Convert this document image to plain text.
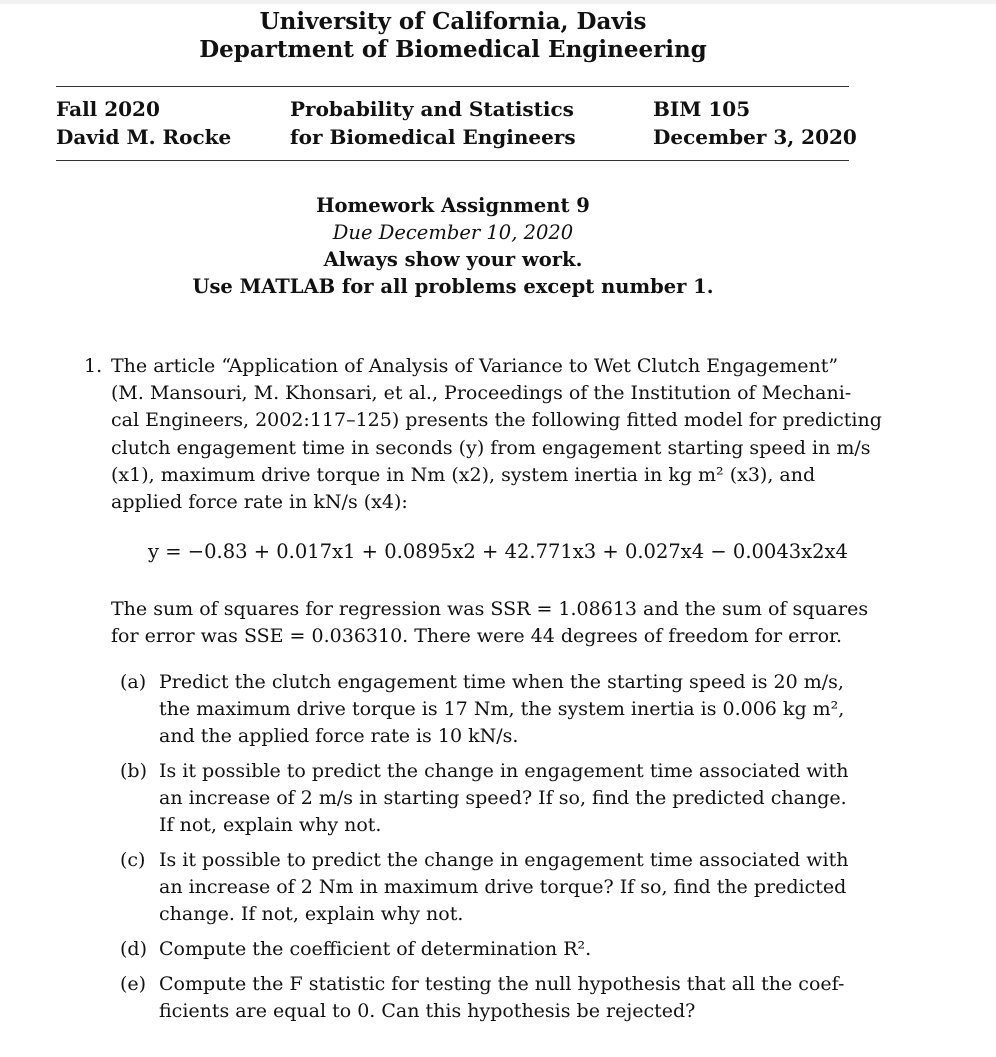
University of California, Davis
Department of Biomedical Engineering
Fall 2020
David M. Rocke
Probability and Statistics
for Biomedical Engineers
BIM 105
December 3, 2020
Homework Assignment 9
Due December 10, 2020
Always show your work.
Use MATLAB for all problems except number 1.
1. The article “Application of Analysis of Variance to Wet Clutch Engagement”
(M. Mansouri, M. Khonsari, et al., Proceedings of the Institution of Mechani-
cal Engineers, 2002:117–125) presents the following fitted model for predicting
clutch engagement time in seconds (y) from engagement starting speed in m/s
(x1), maximum drive torque in Nm (x2), system inertia in kg m² (x3), and
applied force rate in kN/s (x4):
y = −0.83 + 0.017x1 + 0.0895x2 + 42.771x3 + 0.027x4 − 0.0043x2x4
The sum of squares for regression was SSR = 1.08613 and the sum of squares
for error was SSE = 0.036310. There were 44 degrees of freedom for error.
(a) Predict the clutch engagement time when the starting speed is 20 m/s,
the maximum drive torque is 17 Nm, the system inertia is 0.006 kg m²,
and the applied force rate is 10 kN/s.
(b) Is it possible to predict the change in engagement time associated with
an increase of 2 m/s in starting speed? If so, find the predicted change.
If not, explain why not.
(c) Is it possible to predict the change in engagement time associated with
an increase of 2 Nm in maximum drive torque? If so, find the predicted
change. If not, explain why not.
(d) Compute the coefficient of determination R².
(e) Compute the F statistic for testing the null hypothesis that all the coef-
ficients are equal to 0. Can this hypothesis be rejected?
